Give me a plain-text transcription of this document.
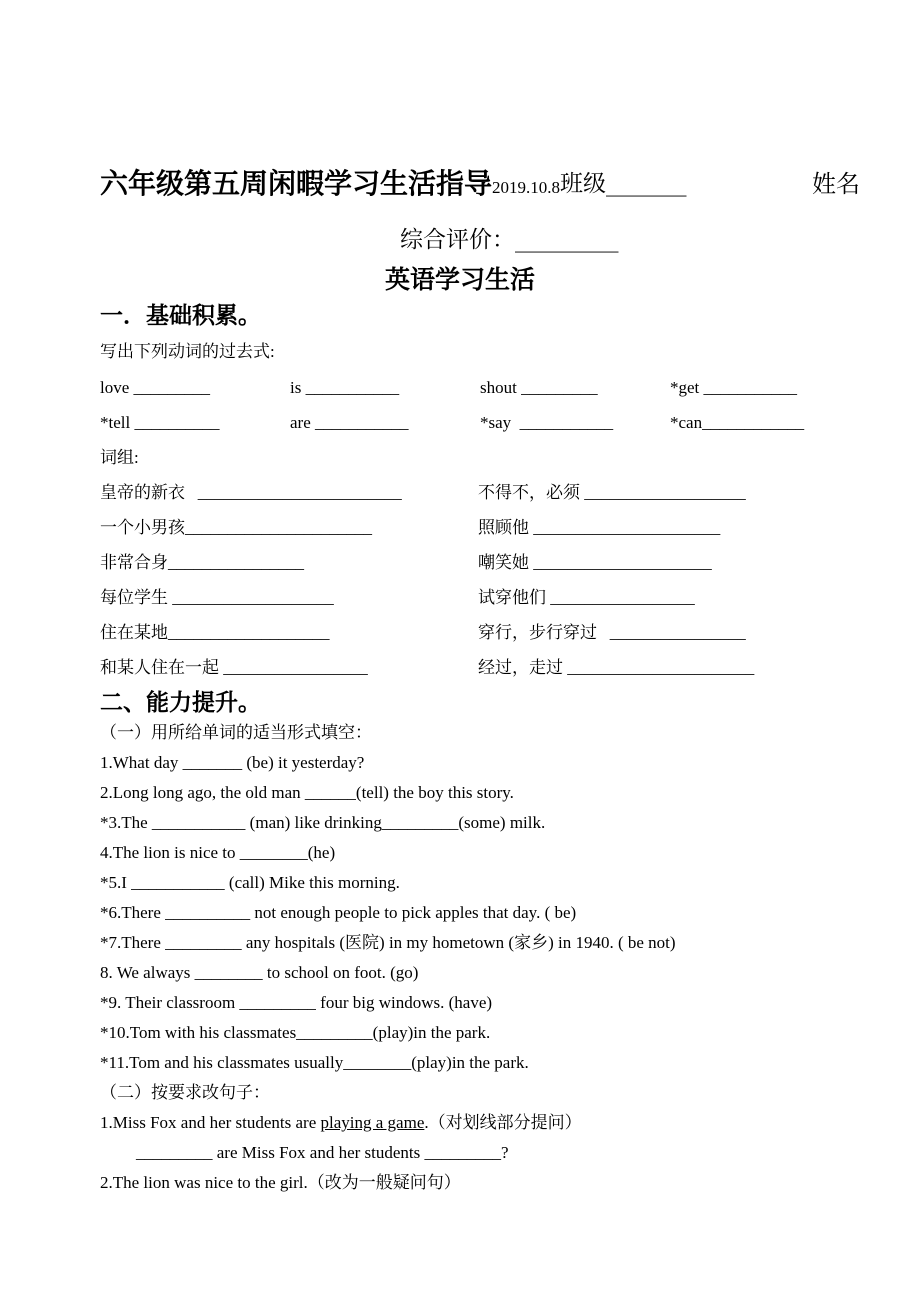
六年级第五周闲暇学习生活指导 2019.10.8 班级_______	姓名
综合评价：_________
英语学习生活
一．基础积累。
写出下列动词的过去式:
love _________	is ___________	shout _________	*get ___________
*tell __________	are ___________	*say  ___________	*can____________
词组:
皇帝的新衣   ________________________	不得不，必须 ___________________
一个小男孩______________________	照顾他 ______________________
非常合身________________	嘲笑她 _____________________
每位学生 ___________________	试穿他们 _________________
住在某地___________________	穿行，步行穿过   ________________
和某人住在一起 _________________	经过，走过 ______________________
二、能力提升。
（一）用所给单词的适当形式填空：
1.What day _______ (be) it yesterday?
2.Long long ago, the old man ______(tell) the boy this story.
*3.The ___________ (man) like drinking_________(some) milk.
4.The lion is nice to ________(he)
*5.I ___________ (call) Mike this morning.
*6.There __________ not enough people to pick apples that day. ( be)
*7.There _________ any hospitals (医院) in my hometown (家乡) in 1940. ( be not)
8. We always ________ to school on foot. (go)
*9. Their classroom _________ four big windows. (have)
*10.Tom with his classmates_________(play)in the park.
*11.Tom and his classmates usually________(play)in the park.
（二）按要求改句子：
1.Miss Fox and her students are playing a game .（对划线部分提问）
_________ are Miss Fox and her students _________?
2.The lion was nice to the girl.（改为一般疑问句）
